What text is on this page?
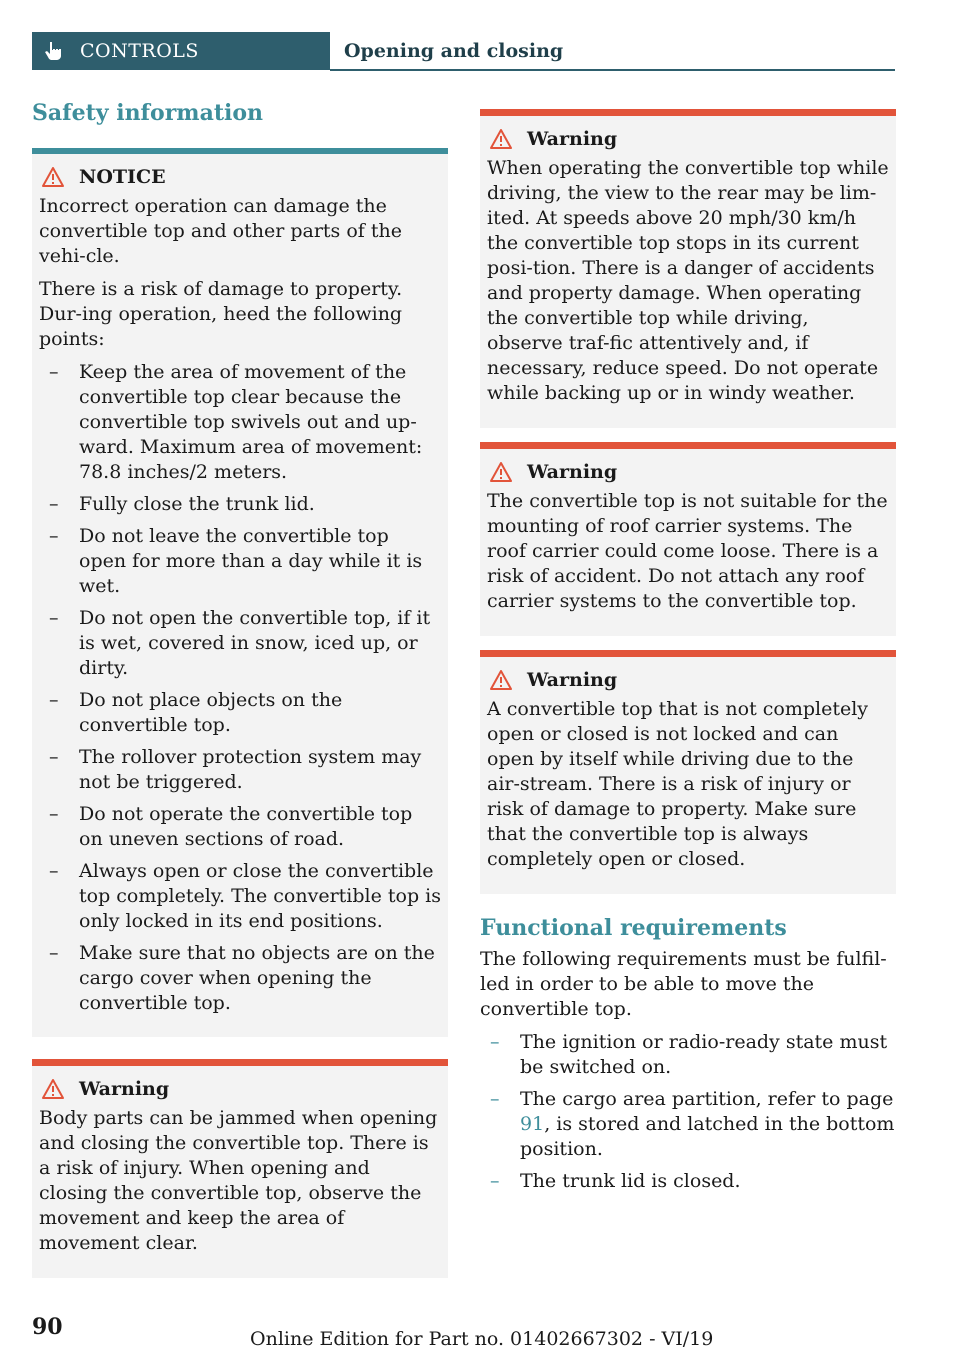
CONTROLS	Opening and closing
Safety information
NOTICE

Incorrect operation can damage the convertible top and other parts of the vehi-cle.

There is a risk of damage to property. Dur-ing operation, heed the following points:

– Keep the area of movement of the convertible top clear because the convertible top swivels out and up-ward. Maximum area of movement: 78.8 inches/2 meters.
– Fully close the trunk lid.
– Do not leave the convertible top open for more than a day while it is wet.
– Do not open the convertible top, if it is wet, covered in snow, iced up, or dirty.
– Do not place objects on the convertible top.
– The rollover protection system may not be triggered.
– Do not operate the convertible top on uneven sections of road.
– Always open or close the convertible top completely. The convertible top is only locked in its end positions.
– Make sure that no objects are on the cargo cover when opening the convertible top.
Warning

Body parts can be jammed when opening and closing the convertible top. There is a risk of injury. When opening and closing the convertible top, observe the movement and keep the area of movement clear.

Warning

When operating the convertible top while driving, the view to the rear may be lim-ited. At speeds above 20 mph/30 km/h the convertible top stops in its current posi-tion. There is a danger of accidents and property damage. When operating the convertible top while driving, observe traf-fic attentively and, if necessary, reduce speed. Do not operate while backing up or in windy weather.

Warning

The convertible top is not suitable for the mounting of roof carrier systems. The roof carrier could come loose. There is a risk of accident. Do not attach any roof carrier systems to the convertible top.

Warning

A convertible top that is not completely open or closed is not locked and can open by itself while driving due to the air-stream. There is a risk of injury or risk of damage to property. Make sure that the convertible top is always completely open or closed.

Functional requirements

The following requirements must be fulfil-led in order to be able to move the convertible top.

– The ignition or radio-ready state must be switched on.
– The cargo area partition, refer to page 91, is stored and latched in the bottom position.
– The trunk lid is closed.
90	Online Edition for Part no. 01402667302 - VI/19
